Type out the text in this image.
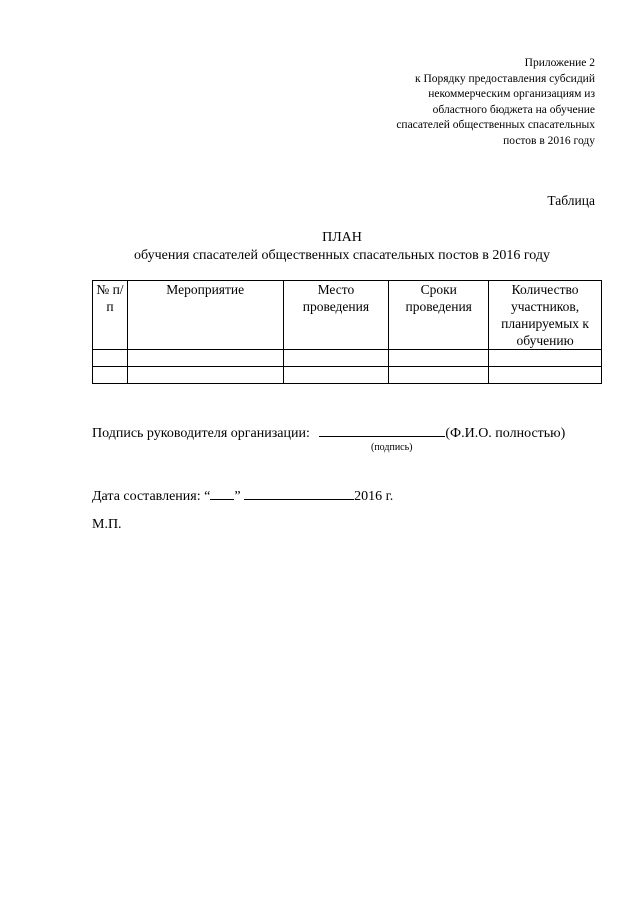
Приложение 2
к Порядку предоставления субсидий
некоммерческим организациям из
областного бюджета на обучение
спасателей общественных спасательных
постов в 2016 году
Таблица
ПЛАН
обучения спасателей общественных спасательных постов в 2016 году
№ п/п	Мероприятие	Место проведения	Сроки проведения	Количество участников, планируемых к обучению

Подпись руководителя организации:	(Ф.И.О. полностью)
(подпись)
Дата составления: “ ”	2016 г.
М.П.
